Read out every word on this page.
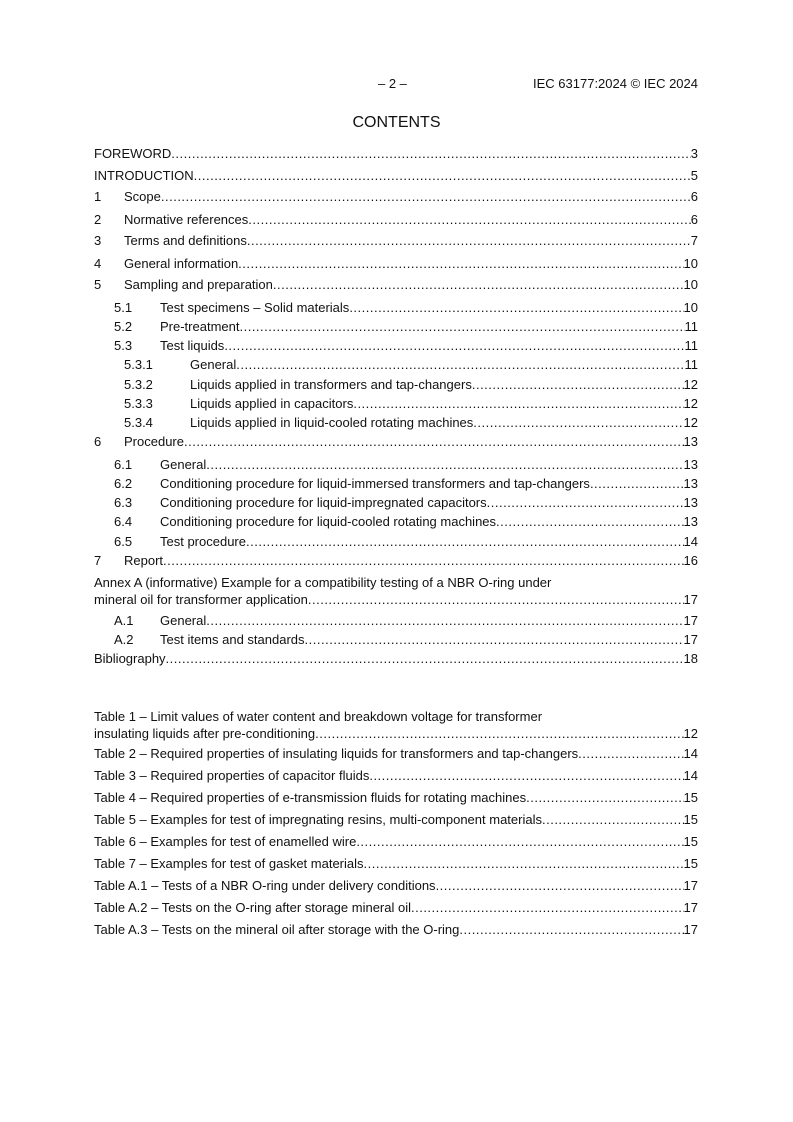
– 2 –	IEC 63177:2024 © IEC 2024
CONTENTS
FOREWORD .....	3
INTRODUCTION .....	5
1 Scope .....	6
2 Normative references .....	6
3 Terms and definitions .....	7
4 General information .....	10
5 Sampling and preparation .....	10
5.1 Test specimens – Solid materials .....	10
5.2 Pre-treatment .....	11
5.3 Test liquids .....	11
5.3.1	General .....	11
5.3.2	Liquids applied in transformers and tap-changers .....	12
5.3.3	Liquids applied in capacitors .....	12
5.3.4	Liquids applied in liquid-cooled rotating machines .....	12
6 Procedure .....	13
6.1 General .....	13
6.2 Conditioning procedure for liquid-immersed transformers and tap-changers .....	13
6.3 Conditioning procedure for liquid-impregnated capacitors .....	13
6.4 Conditioning procedure for liquid-cooled rotating machines .....	13
6.5 Test procedure .....	14
7 Report .....	16
Annex A (informative) Example for a compatibility testing of a NBR O-ring under
mineral oil for transformer application .....	17
A.1 General .....	17
A.2 Test items and standards .....	17
Bibliography .....	18
Table 1 – Limit values of water content and breakdown voltage for transformer
insulating liquids after pre-conditioning .....	12
Table 2 – Required properties of insulating liquids for transformers and tap-changers .....	14
Table 3 – Required properties of capacitor fluids .....	14
Table 4 – Required properties of e-transmission fluids for rotating machines .....	15
Table 5 – Examples for test of impregnating resins, multi-component materials .....	15
Table 6 – Examples for test of enamelled wire .....	15
Table 7 – Examples for test of gasket materials .....	15
Table A.1 – Tests of a NBR O-ring under delivery conditions .....	17
Table A.2 – Tests on the O-ring after storage mineral oil .....	17
Table A.3 – Tests on the mineral oil after storage with the O-ring .....	17
